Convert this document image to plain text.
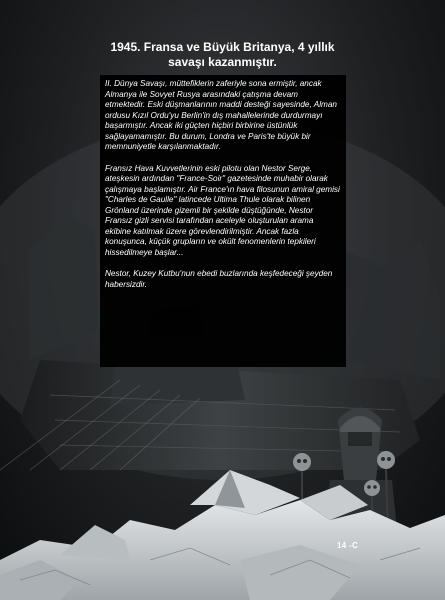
1945. Fransa ve Büyük Britanya, 4 yıllık savaşı kazanmıştır.

II. Dünya Savaşı, müttefiklerin zaferiyle sona ermiştir, ancak Almanya ile Sovyet Rusya arasındaki çatışma devam etmektedir. Eski düşmanlarının maddi desteği sayesinde, Alman ordusu Kızıl Ordu'yu Berlin'in dış mahallelerinde durdurmayı başarmıştır. Ancak iki güçten hiçbiri birbirine üstünlük sağlayamamıştır. Bu durum, Londra ve Paris'te büyük bir memnuniyetle karşılanmaktadır.

Fransız Hava Kuvvetlerinin eski pilotu olan Nestor Serge, ateşkesin ardından "France-Soir" gazetesinde muhabir olarak çalışmaya başlamıştır. Air France'ın hava filosunun amiral gemisi "Charles de Gaulle" latincede Ultima Thule olarak bilinen Grönland üzerinde gizemli bir şekilde düştüğünde, Nestor Fransız gizli servisi tarafından aceleyle oluşturulan arama ekibine katılmak üzere görevlendirilmiştir. Ancak fazla konuşunca, küçük grupların ve okült fenomenlerin tepkileri hissedilmeye başlar...

Nestor, Kuzey Kutbu'nun ebedi buzlarında keşfedeceği şeyden habersizdir.

14 -C
